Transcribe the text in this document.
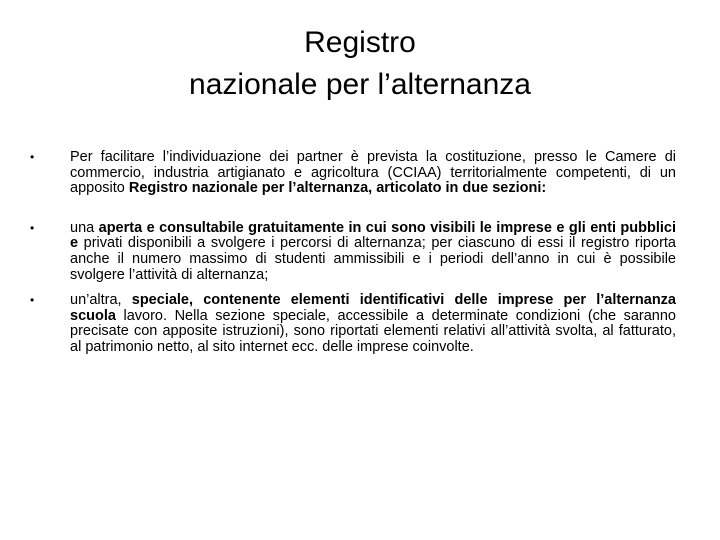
Registro
nazionale per l’alternanza
• Per facilitare l’individuazione dei partner è prevista la costituzione, presso le Camere di commercio, industria artigianato e agricoltura (CCIAA) territorialmente competenti, di un apposito Registro nazionale per l’alternanza, articolato in due sezioni:
• una aperta e consultabile gratuitamente in cui sono visibili le imprese e gli enti pubblici e privati disponibili a svolgere i percorsi di alternanza; per ciascuno di essi il registro riporta anche il numero massimo di studenti ammissibili e i periodi dell’anno in cui è possibile svolgere l’attività di alternanza;
• un’altra, speciale, contenente elementi identificativi delle imprese per l’alternanza scuola lavoro. Nella sezione speciale, accessibile a determinate condizioni (che saranno precisate con apposite istruzioni), sono riportati elementi relativi all’attività svolta, al fatturato, al patrimonio netto, al sito internet ecc. delle imprese coinvolte.
